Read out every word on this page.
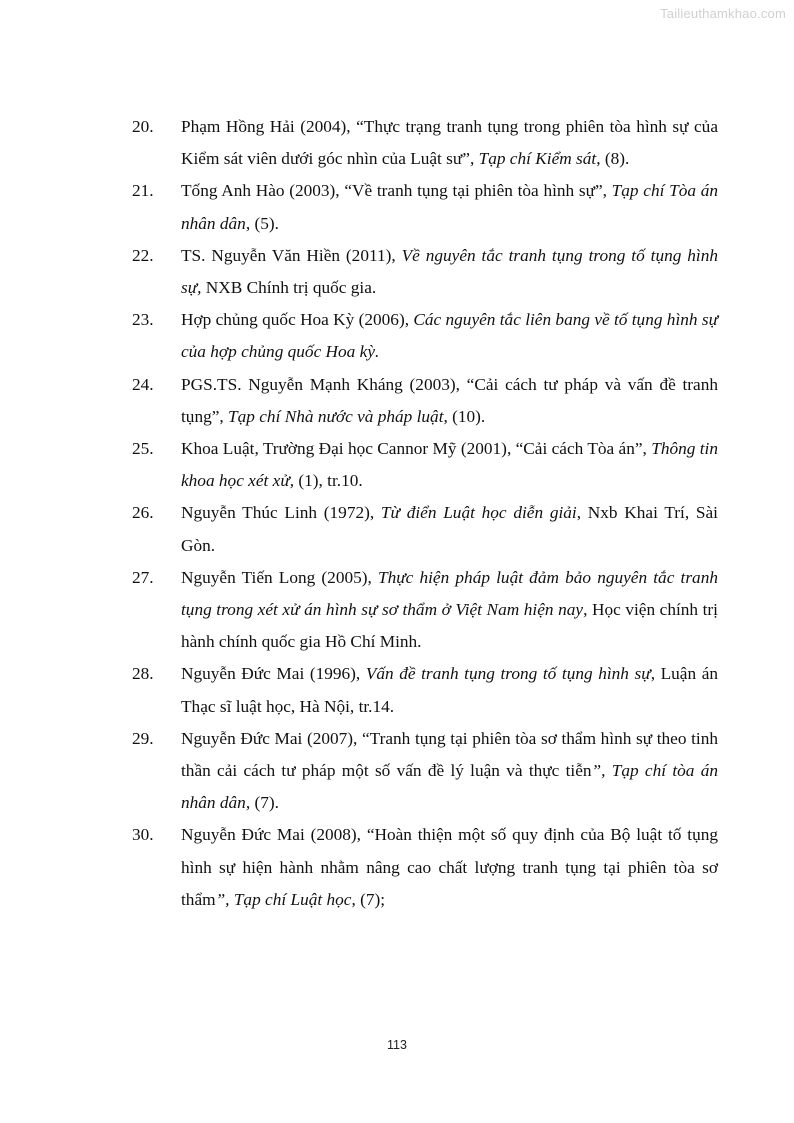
Tailieuthamkhao.com
20. Phạm Hồng Hải (2004), “Thực trạng tranh tụng trong phiên tòa hình sự của Kiểm sát viên dưới góc nhìn của Luật sư”, Tạp chí Kiểm sát, (8).
21. Tống Anh Hào (2003), “Về tranh tụng tại phiên tòa hình sự”, Tạp chí Tòa án nhân dân, (5).
22. TS. Nguyễn Văn Hiền (2011), Về nguyên tắc tranh tụng trong tố tụng hình sự, NXB Chính trị quốc gia.
23. Hợp chủng quốc Hoa Kỳ (2006), Các nguyên tắc liên bang về tố tụng hình sự của hợp chủng quốc Hoa kỳ.
24. PGS.TS. Nguyễn Mạnh Kháng (2003), “Cải cách tư pháp và vấn đề tranh tụng”, Tạp chí Nhà nước và pháp luật, (10).
25. Khoa Luật, Trường Đại học Cannor Mỹ (2001), “Cải cách Tòa án”, Thông tin khoa học xét xử, (1), tr.10.
26. Nguyễn Thúc Linh (1972), Từ điển Luật học diễn giải, Nxb Khai Trí, Sài Gòn.
27. Nguyễn Tiến Long (2005), Thực hiện pháp luật đảm bảo nguyên tắc tranh tụng trong xét xử án hình sự sơ thẩm ở Việt Nam hiện nay, Học viện chính trị hành chính quốc gia Hồ Chí Minh.
28. Nguyễn Đức Mai (1996), Vấn đề tranh tụng trong tố tụng hình sự, Luận án Thạc sĩ luật học, Hà Nội, tr.14.
29. Nguyễn Đức Mai (2007), “Tranh tụng tại phiên tòa sơ thẩm hình sự theo tinh thần cải cách tư pháp một số vấn đề lý luận và thực tiễn”, Tạp chí tòa án nhân dân, (7).
30. Nguyễn Đức Mai (2008), “Hoàn thiện một số quy định của Bộ luật tố tụng hình sự hiện hành nhằm nâng cao chất lượng tranh tụng tại phiên tòa sơ thẩm”, Tạp chí Luật học, (7);
113
